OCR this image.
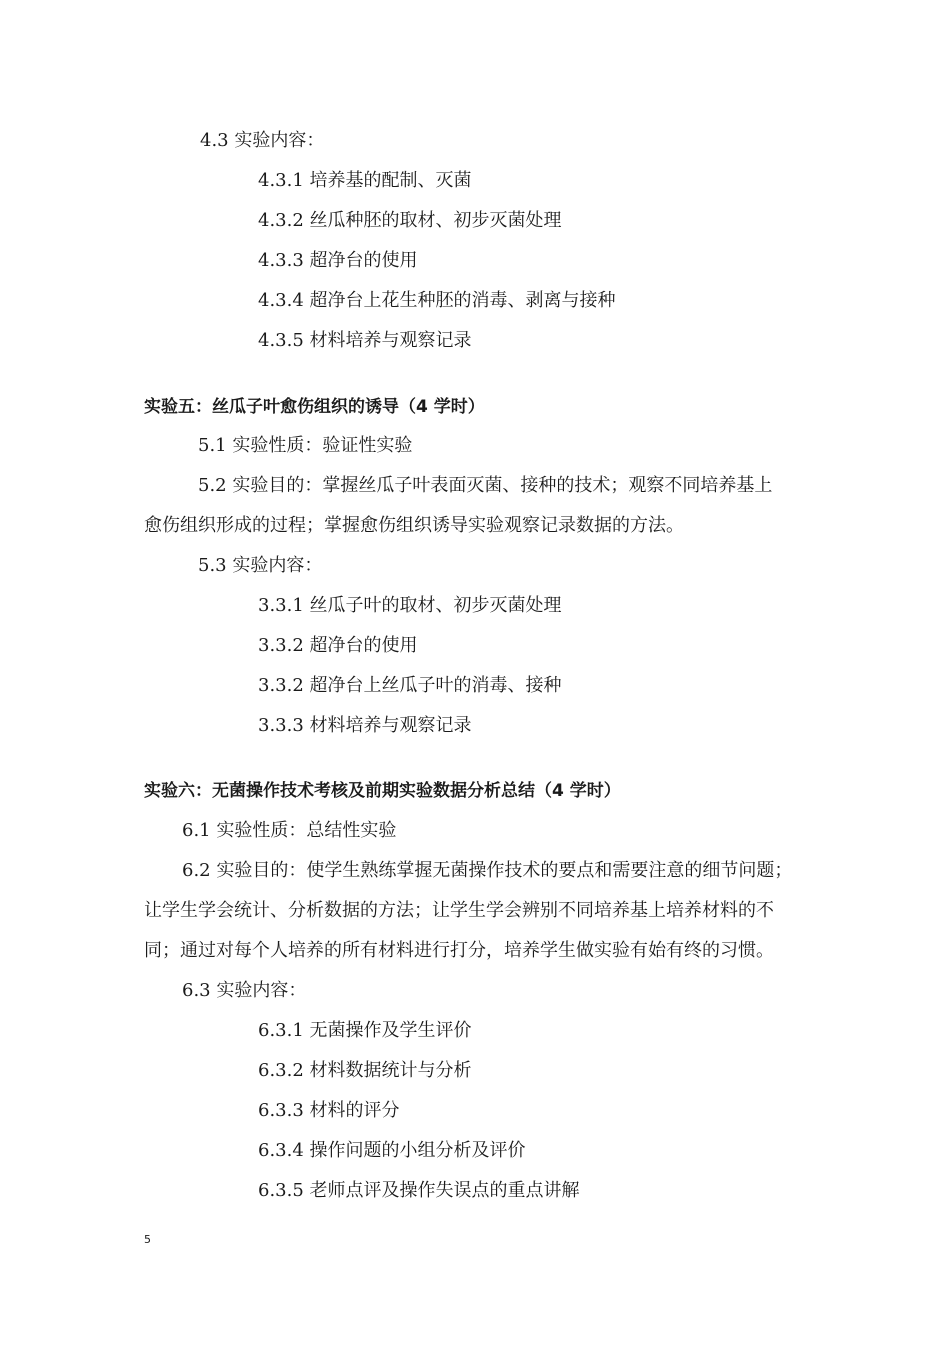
4.3 实验内容：
4.3.1 培养基的配制、灭菌
4.3.2 丝瓜种胚的取材、初步灭菌处理
4.3.3 超净台的使用
4.3.4 超净台上花生种胚的消毒、剥离与接种
4.3.5 材料培养与观察记录
实验五：丝瓜子叶愈伤组织的诱导（4 学时）
5.1 实验性质：验证性实验
5.2 实验目的：掌握丝瓜子叶表面灭菌、接种的技术；观察不同培养基上
愈伤组织形成的过程；掌握愈伤组织诱导实验观察记录数据的方法。
5.3 实验内容：
3.3.1 丝瓜子叶的取材、初步灭菌处理
3.3.2 超净台的使用
3.3.2 超净台上丝瓜子叶的消毒、接种
3.3.3 材料培养与观察记录
实验六：无菌操作技术考核及前期实验数据分析总结（4 学时）
6.1 实验性质：总结性实验
6.2 实验目的：使学生熟练掌握无菌操作技术的要点和需要注意的细节问题；
让学生学会统计、分析数据的方法；让学生学会辨别不同培养基上培养材料的不
同；通过对每个人培养的所有材料进行打分，培养学生做实验有始有终的习惯。
6.3 实验内容：
6.3.1 无菌操作及学生评价
6.3.2 材料数据统计与分析
6.3.3 材料的评分
6.3.4 操作问题的小组分析及评价
6.3.5 老师点评及操作失误点的重点讲解
5
